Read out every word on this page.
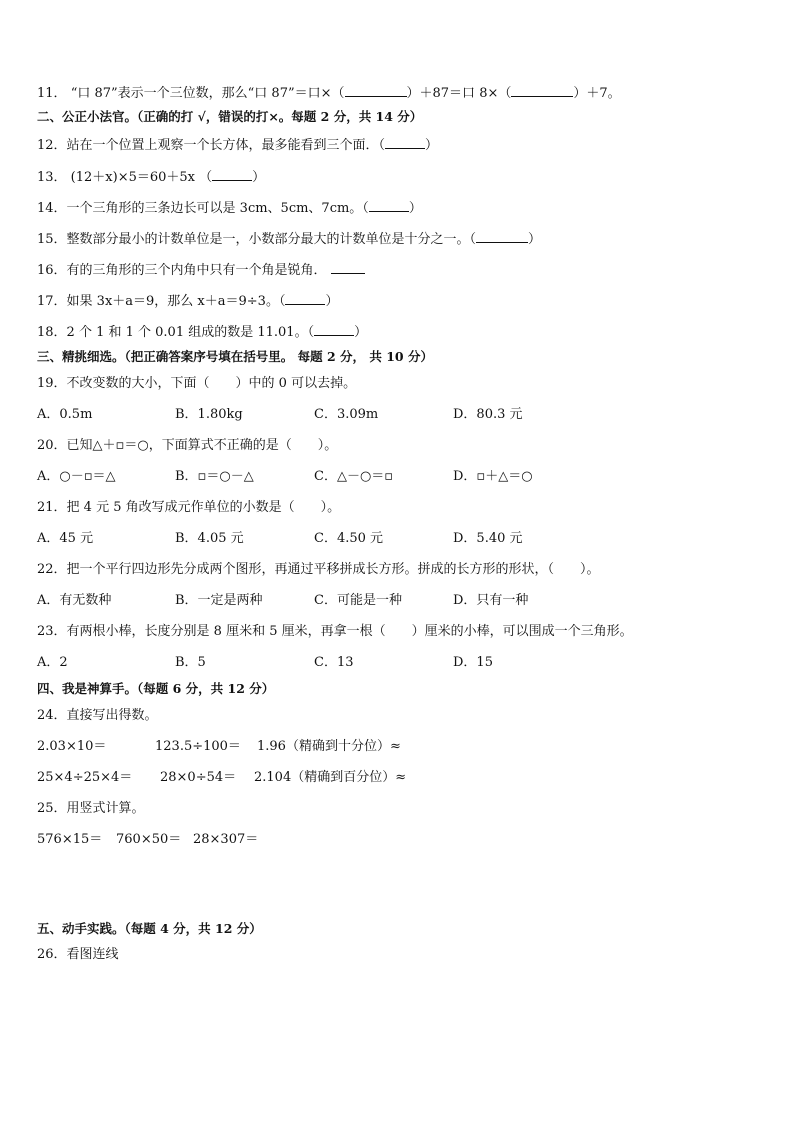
11． “口 87”表示一个三位数，那么“口 87”＝口×（	）＋87＝口 8×（	）＋7。
二、公正小法官。（正确的打 √，错误的打×。每题 2 分，共 14 分）
12．站在一个位置上观察一个长方体，最多能看到三个面．（	）
13． (12＋x)×5＝60＋5x （	）
14．一个三角形的三条边长可以是 3cm、5cm、7cm。（	）
15．整数部分最小的计数单位是一，小数部分最大的计数单位是十分之一。（	）
16．有的三角形的三个内角中只有一个角是锐角．
17．如果 3x＋a＝9，那么 x＋a＝9÷3。（	）
18．2 个 1 和 1 个 0.01 组成的数是 11.01。（	）
三、精挑细选。（把正确答案序号填在括号里。 每题 2 分， 共 10 分）
19．不改变数的大小，下面（　　）中的 0 可以去掉。
A．0.5m	B．1.80kg	C．3.09m	D．80.3 元
20．已知△＋▫＝○，下面算式不正确的是（　　）。
A．○－▫＝△	B．▫＝○－△	C．△－○＝▫	D．▫＋△＝○
21．把 4 元 5 角改写成元作单位的小数是（　　）。
A．45 元	B．4.05 元	C．4.50 元	D．5.40 元
22．把一个平行四边形先分成两个图形，再通过平移拼成长方形。拼成的长方形的形状，（　　）。
A．有无数种	B．一定是两种	C．可能是一种	D．只有一种
23．有两根小棒，长度分别是 8 厘米和 5 厘米，再拿一根（　　）厘米的小棒，可以围成一个三角形。
A．2	B．5	C．13	D．15
四、我是神算手。（每题 6 分，共 12 分）
24．直接写出得数。
2.03×10＝	123.5÷100＝ 1.96（精确到十分位）≈
25×4÷25×4＝ 28×0÷54＝ 2.104（精确到百分位）≈
25．用竖式计算。
576×15＝ 760×50＝ 28×307＝
五、动手实践。（每题 4 分，共 12 分）
26．看图连线
